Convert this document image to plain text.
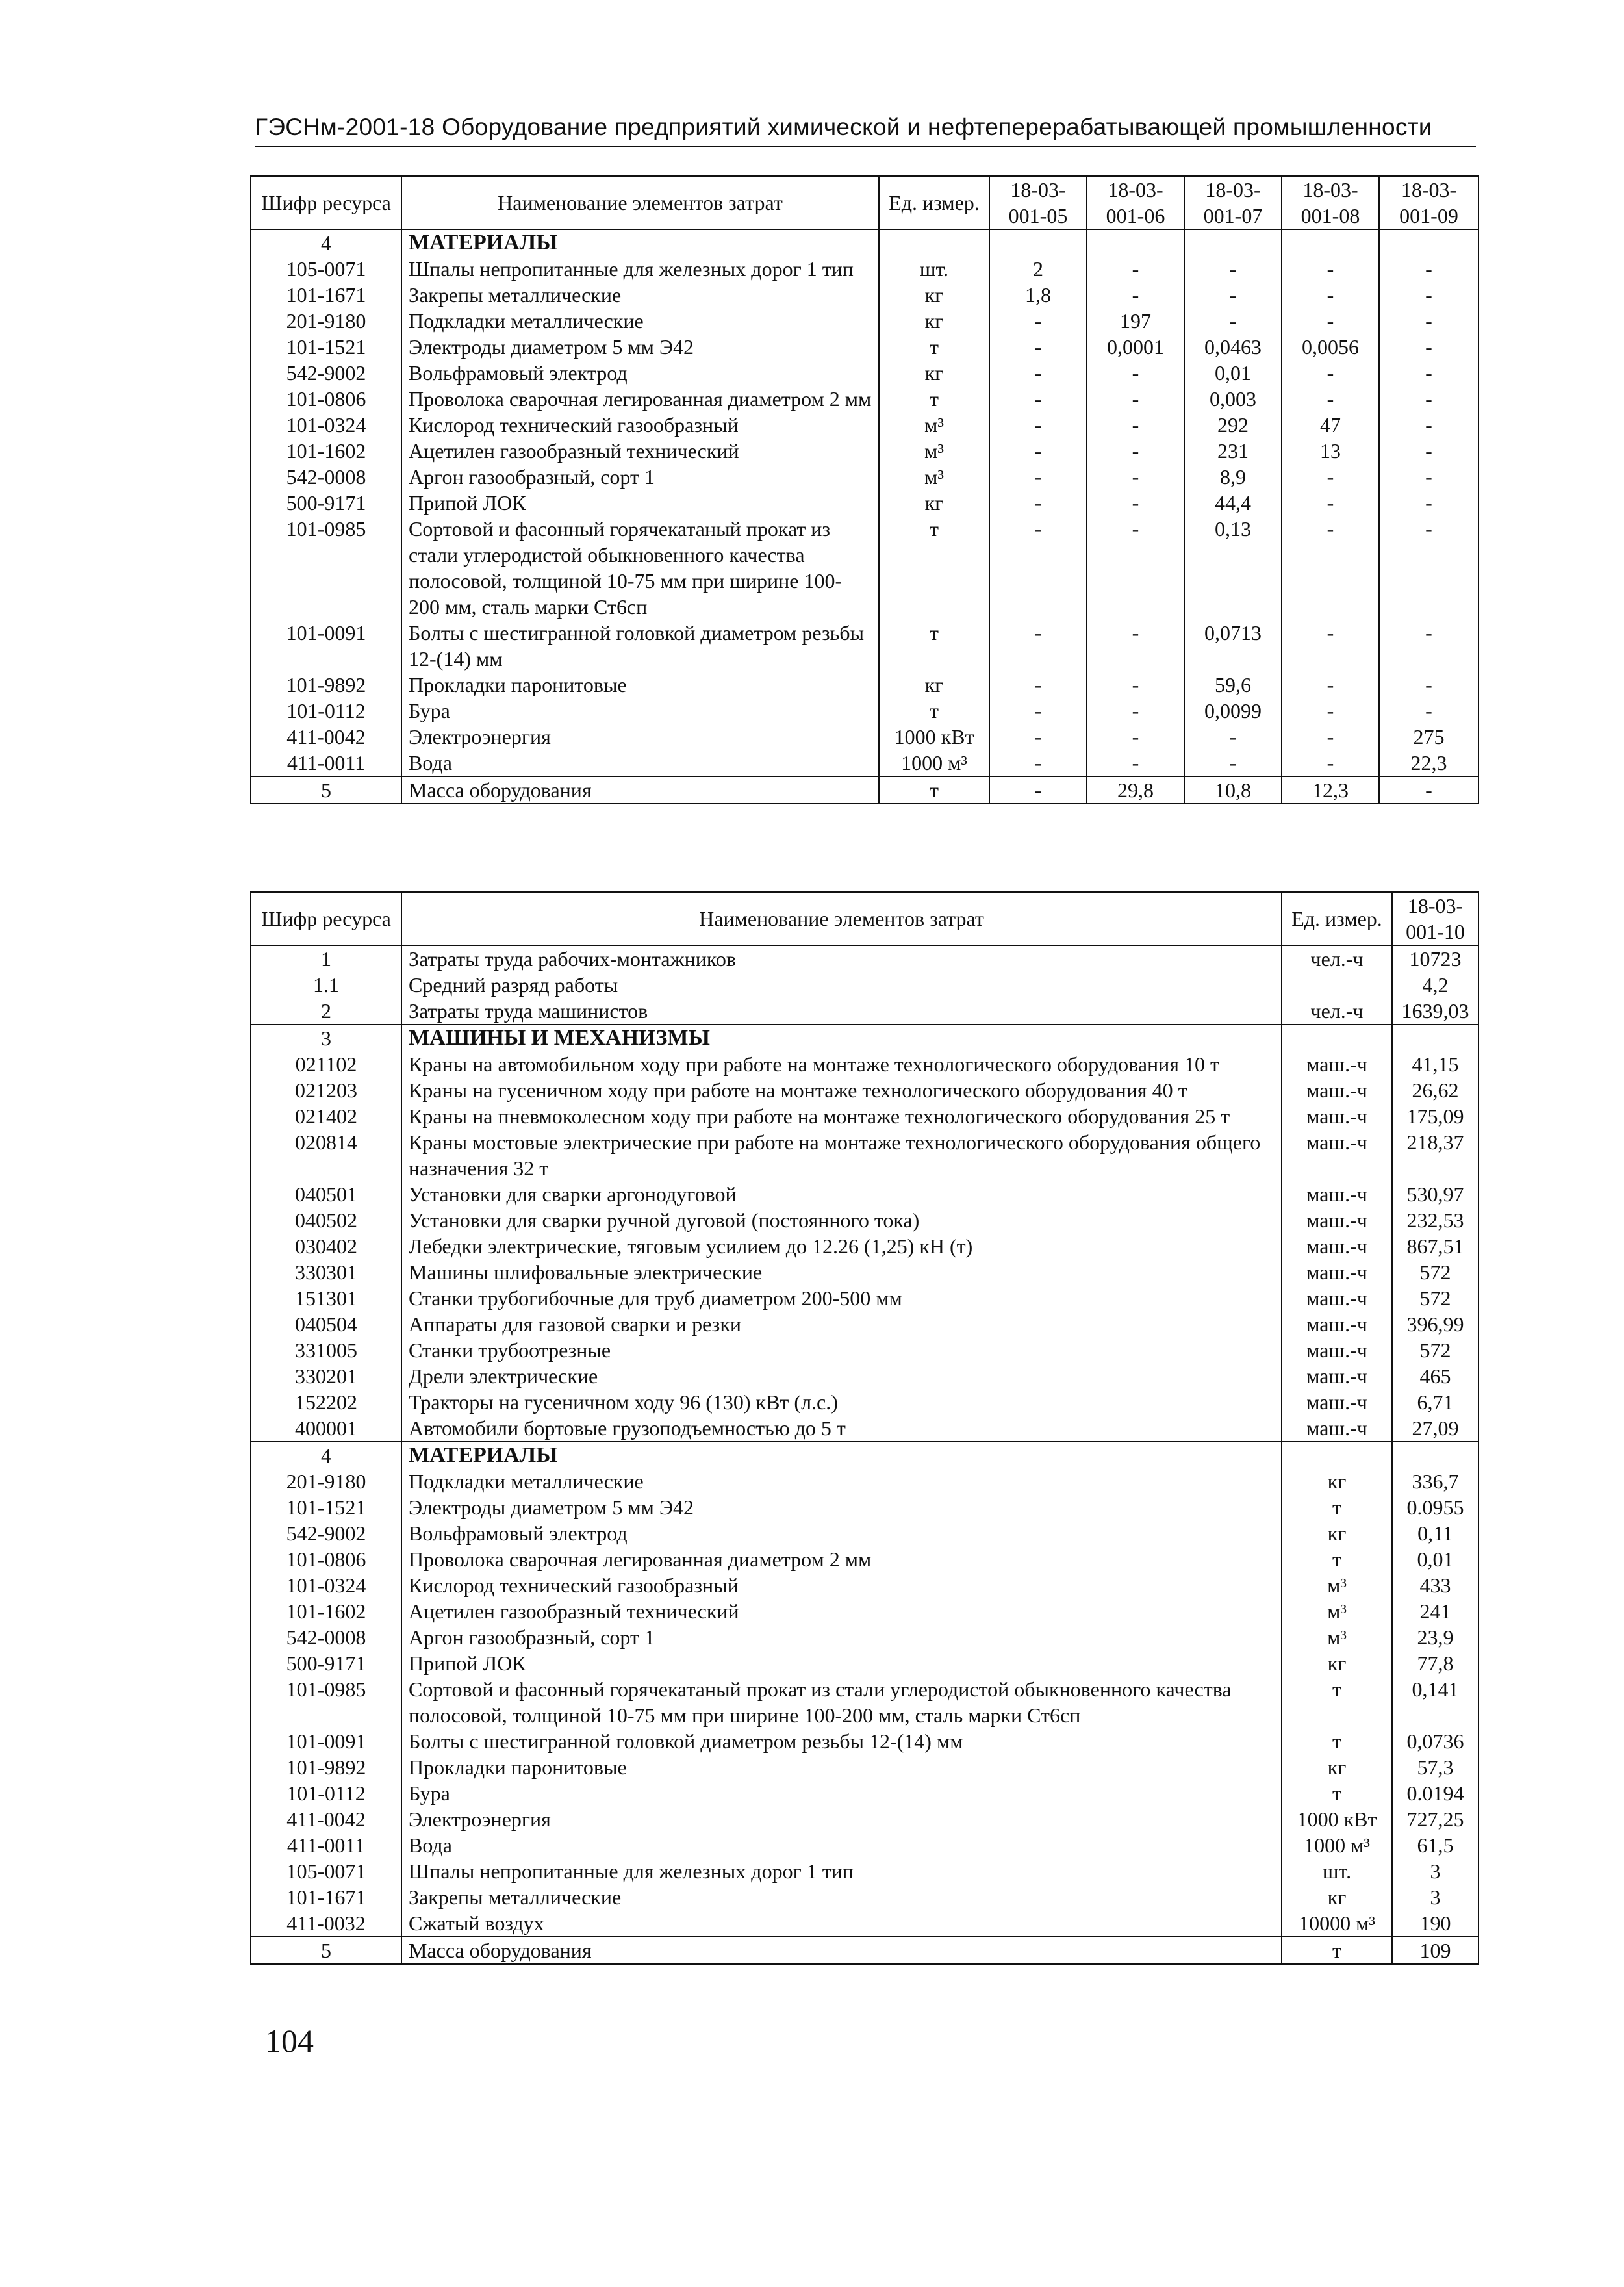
ГЭСНм-2001-18 Оборудование предприятий химической и нефтеперерабатывающей промышленности
Шифр ресурса	Наименование элементов затрат	Ед. измер.	18-03-001-05	18-03-001-06	18-03-001-07	18-03-001-08	18-03-001-09
4	МАТЕРИАЛЫ						
105-0071	Шпалы непропитанные для железных дорог 1 тип	шт.	2	-	-	-	-
101-1671	Закрепы металлические	кг	1,8	-	-	-	-
201-9180	Подкладки металлические	кг	-	197	-	-	-
101-1521	Электроды диаметром 5 мм Э42	т	-	0,0001	0,0463	0,0056	-
542-9002	Вольфрамовый электрод	кг	-	-	0,01	-	-
101-0806	Проволока сварочная легированная диаметром 2 мм	т	-	-	0,003	-	-
101-0324	Кислород технический газообразный	м³	-	-	292	47	-
101-1602	Ацетилен газообразный технический	м³	-	-	231	13	-
542-0008	Аргон газообразный, сорт 1	м³	-	-	8,9	-	-
500-9171	Припой ЛОК	кг	-	-	44,4	-	-
101-0985	Сортовой и фасонный горячекатаный прокат из стали углеродистой обыкновенного качества полосовой, толщиной 10-75 мм при ширине 100-200 мм, сталь марки Ст6сп	т	-	-	0,13	-	-
101-0091	Болты с шестигранной головкой диаметром резьбы 12-(14) мм	т	-	-	0,0713	-	-
101-9892	Прокладки паронитовые	кг	-	-	59,6	-	-
101-0112	Бура	т	-	-	0,0099	-	-
411-0042	Электроэнергия	1000 кВт	-	-	-	-	275
411-0011	Вода	1000 м³	-	-	-	-	22,3
5	Масса оборудования	т	-	29,8	10,8	12,3	-
Шифр ресурса	Наименование элементов затрат	Ед. измер.	18-03-001-10
1	Затраты труда рабочих-монтажников	чел.-ч	10723
1.1	Средний разряд работы		4,2
2	Затраты труда машинистов	чел.-ч	1639,03
3	МАШИНЫ И МЕХАНИЗМЫ		
021102	Краны на автомобильном ходу при работе на монтаже технологического оборудования 10 т	маш.-ч	41,15
021203	Краны на гусеничном ходу при работе на монтаже технологического оборудования 40 т	маш.-ч	26,62
021402	Краны на пневмоколесном ходу при работе на монтаже технологического оборудования 25 т	маш.-ч	175,09
020814	Краны мостовые электрические при работе на монтаже технологического оборудования общего назначения 32 т	маш.-ч	218,37
040501	Установки для сварки аргонодуговой	маш.-ч	530,97
040502	Установки для сварки ручной дуговой (постоянного тока)	маш.-ч	232,53
030402	Лебедки электрические, тяговым усилием до 12.26 (1,25) кН (т)	маш.-ч	867,51
330301	Машины шлифовальные электрические	маш.-ч	572
151301	Станки трубогибочные для труб диаметром 200-500 мм	маш.-ч	572
040504	Аппараты для газовой сварки и резки	маш.-ч	396,99
331005	Станки трубоотрезные	маш.-ч	572
330201	Дрели электрические	маш.-ч	465
152202	Тракторы на гусеничном ходу 96 (130) кВт (л.с.)	маш.-ч	6,71
400001	Автомобили бортовые грузоподъемностью до 5 т	маш.-ч	27,09
4	МАТЕРИАЛЫ		
201-9180	Подкладки металлические	кг	336,7
101-1521	Электроды диаметром 5 мм Э42	т	0.0955
542-9002	Вольфрамовый электрод	кг	0,11
101-0806	Проволока сварочная легированная диаметром 2 мм	т	0,01
101-0324	Кислород технический газообразный	м³	433
101-1602	Ацетилен газообразный технический	м³	241
542-0008	Аргон газообразный, сорт 1	м³	23,9
500-9171	Припой ЛОК	кг	77,8
101-0985	Сортовой и фасонный горячекатаный прокат из стали углеродистой обыкновенного качества полосовой, толщиной 10-75 мм при ширине 100-200 мм, сталь марки Ст6сп	т	0,141
101-0091	Болты с шестигранной головкой диаметром резьбы 12-(14) мм	т	0,0736
101-9892	Прокладки паронитовые	кг	57,3
101-0112	Бура	т	0.0194
411-0042	Электроэнергия	1000 кВт	727,25
411-0011	Вода	1000 м³	61,5
105-0071	Шпалы непропитанные для железных дорог 1 тип	шт.	3
101-1671	Закрепы металлические	кг	3
411-0032	Сжатый воздух	10000 м³	190
5	Масса оборудования	т	109
104
